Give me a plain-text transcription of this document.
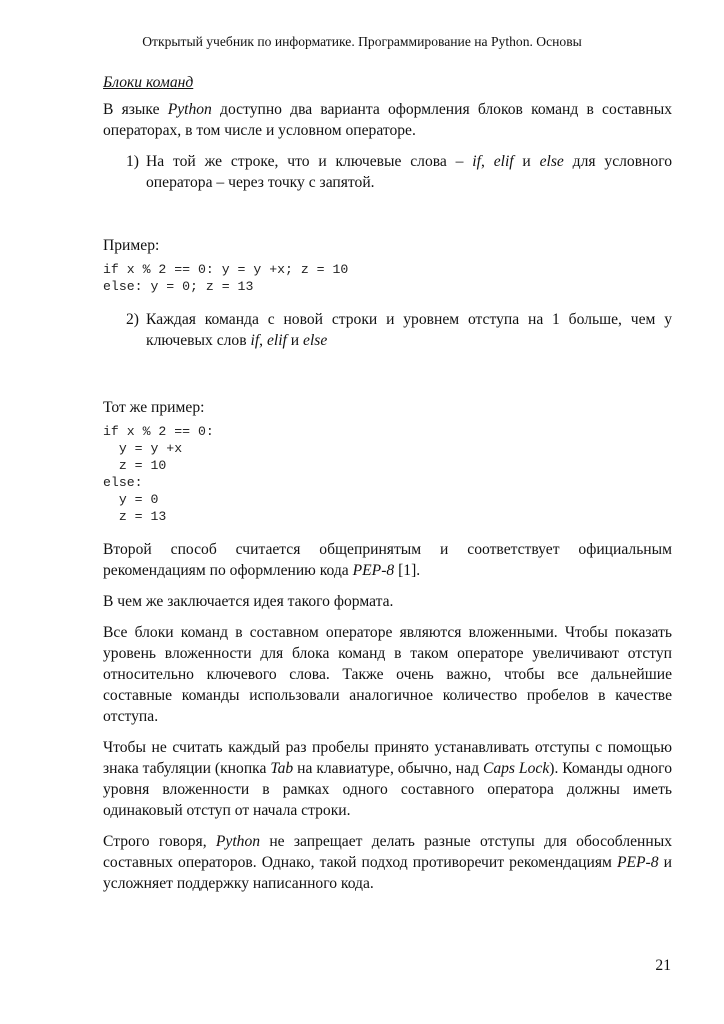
Открытый учебник по информатике. Программирование на Python. Основы
Блоки команд

В языке Python доступно два варианта оформления блоков команд в составных операторах, в том числе и условном операторе.

1) На той же строке, что и ключевые слова – if, elif и else для условного оператора – через точку с запятой.
Пример:
if x % 2 == 0: y = y +x; z = 10
else: y = 0; z = 13
2) Каждая команда с новой строки и уровнем отступа на 1 больше, чем у ключевых слов if, elif и else
Тот же пример:
if x % 2 == 0:
y = y +x
z = 10
else:
y = 0
z = 13

Второй способ считается общепринятым и соответствует официальным рекомендациям по оформлению кода PEP-8 [1].

В чем же заключается идея такого формата.

Все блоки команд в составном операторе являются вложенными. Чтобы показать уровень вложенности для блока команд в таком операторе увеличивают отступ относительно ключевого слова. Также очень важно, чтобы все дальнейшие составные команды использовали аналогичное количество пробелов в качестве отступа.

Чтобы не считать каждый раз пробелы принято устанавливать отступы с помощью знака табуляции (кнопка Tab на клавиатуре, обычно, над Caps Lock). Команды одного уровня вложенности в рамках одного составного оператора должны иметь одинаковый отступ от начала строки.

Строго говоря, Python не запрещает делать разные отступы для обособленных составных операторов. Однако, такой подход противоречит рекомендациям PEP-8 и усложняет поддержку написанного кода.

21
